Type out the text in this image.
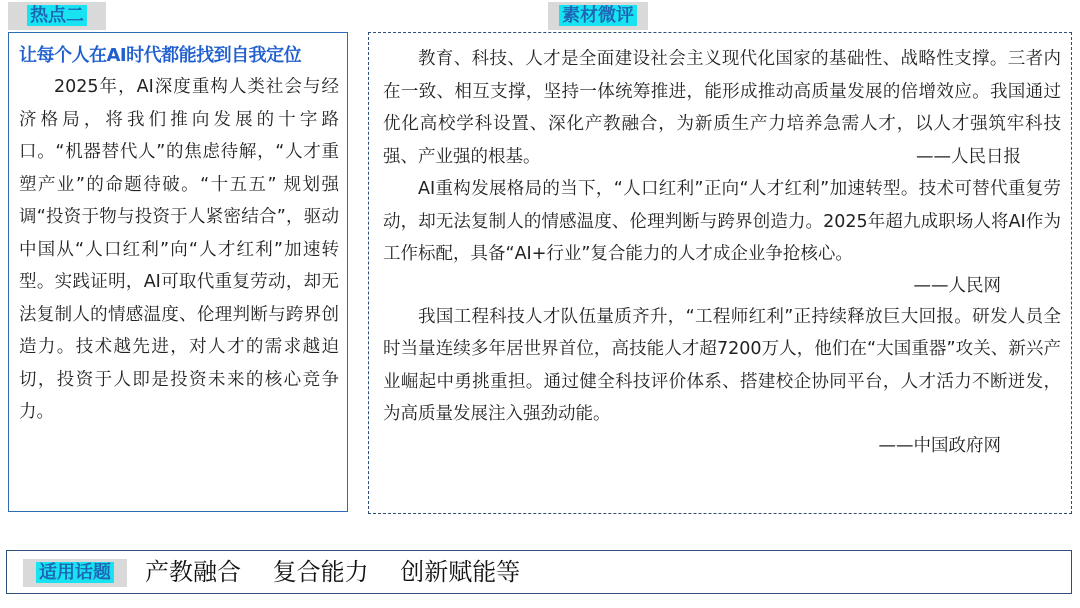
热点二	素材微评

让每个人在AI时代都能找到自我定位

2025年，AI深度重构人类社会与经济格局，将我们推向发展的十字路口。“机器替代人”的焦虑待解，“人才重塑产业”的命题待破。“十五五” 规划强调“投资于物与投资于人紧密结合”，驱动中国从“人口红利”向“人才红利”加速转型。实践证明，AI可取代重复劳动，却无法复制人的情感温度、伦理判断与跨界创造力。技术越先进，对人才的需求越迫切，投资于人即是投资未来的核心竞争力。

教育、科技、人才是全面建设社会主义现代化国家的基础性、战略性支撑。三者内在一致、相互支撑，坚持一体统筹推进，能形成推动高质量发展的倍增效应。我国通过优化高校学科设置、深化产教融合，为新质生产力培养急需人才，以人才强筑牢科技强、产业强的根基。	——人民日报

AI重构发展格局的当下，“人口红利”正向“人才红利”加速转型。技术可替代重复劳动，却无法复制人的情感温度、伦理判断与跨界创造力。2025年超九成职场人将AI作为工作标配，具备“AI+行业”复合能力的人才成企业争抢核心。

——人民网

我国工程科技人才队伍量质齐升，“工程师红利”正持续释放巨大回报。研发人员全时当量连续多年居世界首位，高技能人才超7200万人，他们在“大国重器”攻关、新兴产业崛起中勇挑重担。通过健全科技评价体系、搭建校企协同平台，人才活力不断迸发，为高质量发展注入强劲动能。

——中国政府网

适用话题	产教融合 复合能力 创新赋能等
